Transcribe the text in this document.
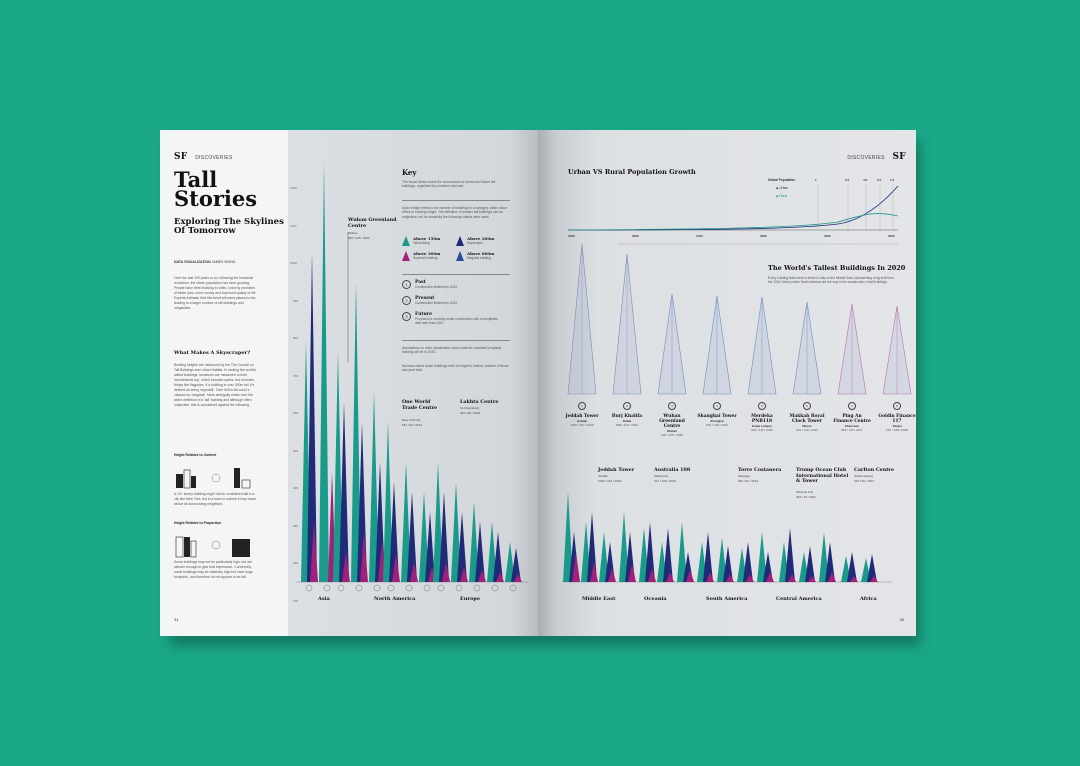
SF DISCOVERIES
Tall Stories
Exploring The Skylines Of Tomorrow
DATA VISUALIZATION JAMES WONG
Over the last 200 years or so, following the Industrial revolution, the urban population has been growing. People have been flocking to cities, lured by promises of better jobs, more money and improved quality of life. Experts estimate that this trend will need places to live, leading to a larger number of tall buildings and megacities.
What Makes A Skyscraper?
Building heights are measured by the The Council on Tall Buildings and Urban Habitat. In ranking the world's tallest buildings, structures are measured to their 'architectural top', which includes spires, but excludes things like flagpoles. If a building is over 300m tall, it's defined as being 'supertall'. Over 600m tall and it's classed as 'megatall'. More ambiguity exists over the wider definition of a 'tall' building and although often subjective, this is considered against the following.
Height Relative to Context
A 10+ storey building might not be considered tall in a city like New York, but in a town or suburb it may tower above its surrounding neighbors.
Height Relative to Proportion
Some buildings may not be particularly high, but are slender enough to give that impression. Conversely, some buildings may be relatively high but have huge footprints, and therefore do not appear to be tall.
34
1200
1100
1000
900
800
700
600
500
400
300
200
100
0
Wuhan Greenland Centre
Wuhan
636 / 125 / 2020
One World Trade Centre
New York City
541 / 94 / 2014
Lakhta Centre
St. Petersburg
462 / 86 / 2018
Key
The visual below charts the construction of recent and future tall buildings, organised by continent and size.
Spike height refers to the number of buildings in a category, while colour refers to building height. The definition of smaller tall buildings can be subjective, but for simplicity the following criteria were used:
Above 150m
Tall building
Above 200m
Skyscraper
Above 300m
Supertall building
Above 600m
Megatall building
1	Past
Construction finished by 2020
2	Present
Construction finished by 2020
3	Future
Proposed or currently under construction with a completion date later than 2020
Annotations on main visualisation show what the continent's highest building will be in 2020.
Numbers listed under buildings refer to height in metres, number of floors and year built.
Asia	North America	Europe
DISCOVERIES SF
Urban VS Rural Population Growth
Global Population
◆ Urban
◆ Rural
1	2.5	4.5	5.5	7.5
1500	1600	1700	1800	1900	2000
The World's Tallest Buildings In 2020
Every building listed here is either in Asia or the Middle East, representing a big shift from the 20th Century when North America led the way in the construction of tall buildings.
1
Jeddah Tower
Jeddah
1000 / 167 / 2020
2
Burj Khalifa
Dubai
828 / 163 / 2010
3
Wuhan Greenland Centre
Wuhan
636 / 125 / 2018
4
Shanghai Tower
Shanghai
632 / 128 / 2015
5
Merdeka PNB118
Kuala Lumpur
630 / 118 / 2020
6
Makkah Royal Clock Tower
Mecca
601 / 120 / 2012
7
Ping An Finance Centre
Shenzhen
599 / 115 / 2017
8
Goldin Finance 117
Tianjin
597 / 128 / 2018
Jeddah Tower
Jeddah
1000 / 167 / 2020
Australia 108
Melbourne
317 / 100 / 2020
Torre Costanera
Santiago
300 / 62 / 2014
Trump Ocean Club International Hotel & Tower
Panama City
284 / 70 / 2011
Carlton Centre
Johannesburg
223 / 50 / 1973
Middle East	Oceania	South America	Central America	Africa
35
